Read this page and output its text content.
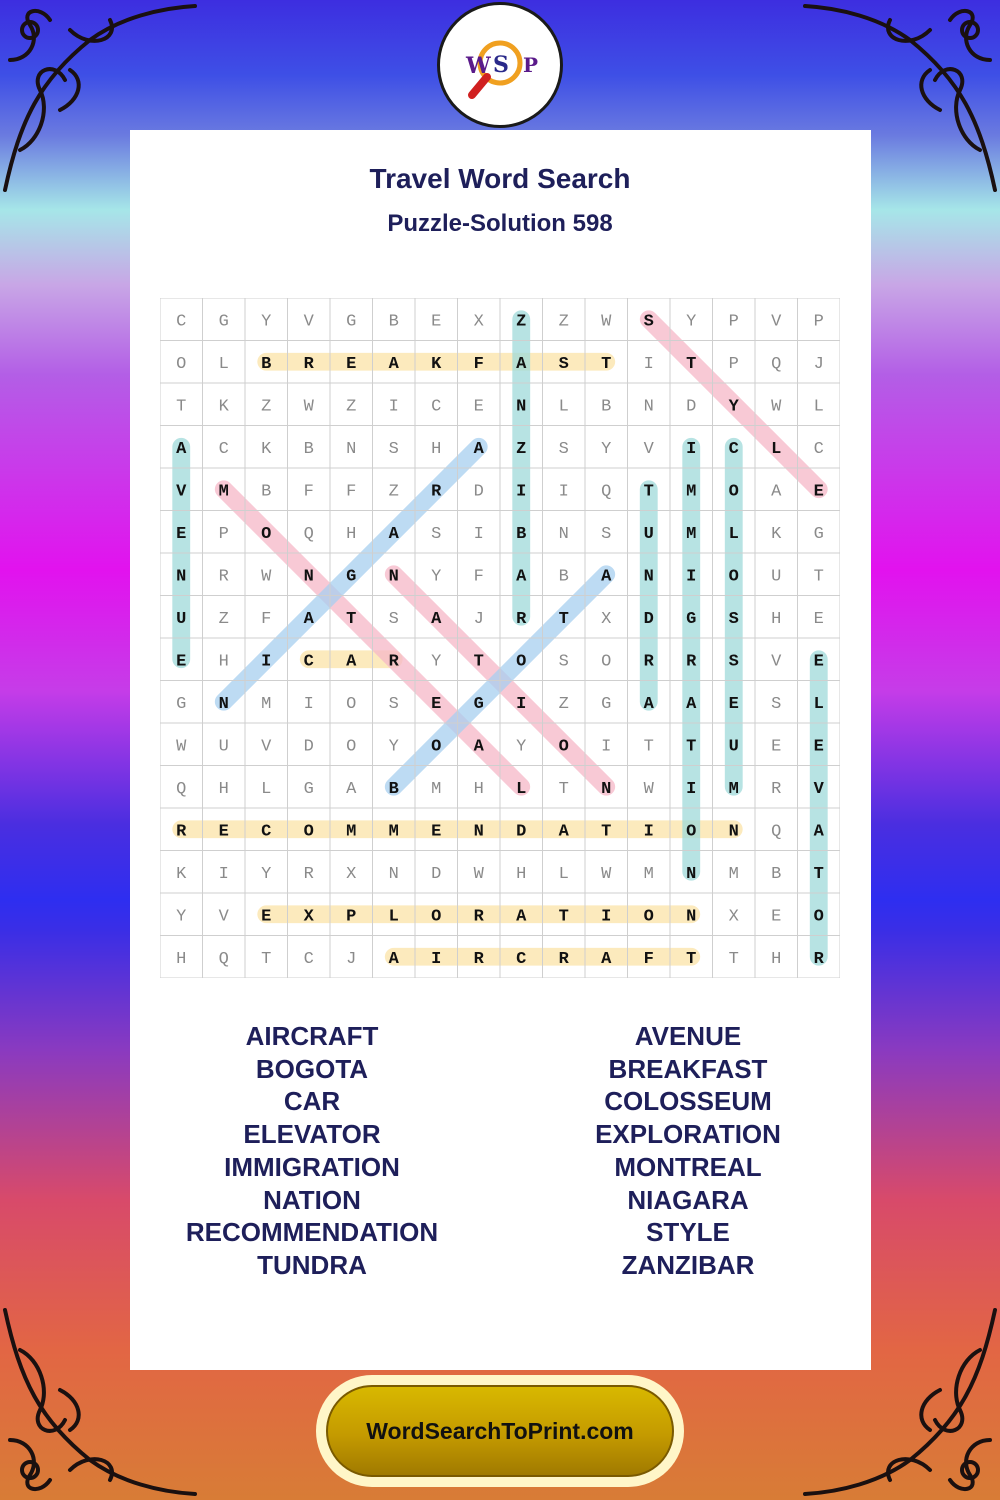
W S P
Travel Word Search
Puzzle-Solution 598
C G Y V G B E X Z Z W S Y P V P
O L B R E A K F A S T I T P Q J
T K Z W Z I C E N L B N D Y W L
A C K B N S H A Z S Y V I C L C
V M B F F Z R D I I Q T M O A E
E P O Q H A S I B N S U M L K G
N R W N G N Y F A B A N I O U T
U Z F A T S A J R T X D G S H E
E H I C A R Y T O S O R R S V E
G N M I O S E G I Z G A A E S L
W U V D O Y O A Y O I T T U E E
Q H L G A B M H L T N W I M R V
R E C O M M E N D A T I O N Q A
K I Y R X N D W H L W M N M B T
Y V E X P L O R A T I O N X E O
H Q T C J A I R C R A F T T H R
AIRCRAFT
BOGOTA
CAR
ELEVATOR
IMMIGRATION
NATION
RECOMMENDATION
TUNDRA
AVENUE
BREAKFAST
COLOSSEUM
EXPLORATION
MONTREAL
NIAGARA
STYLE
ZANZIBAR
WordSearchToPrint.com
